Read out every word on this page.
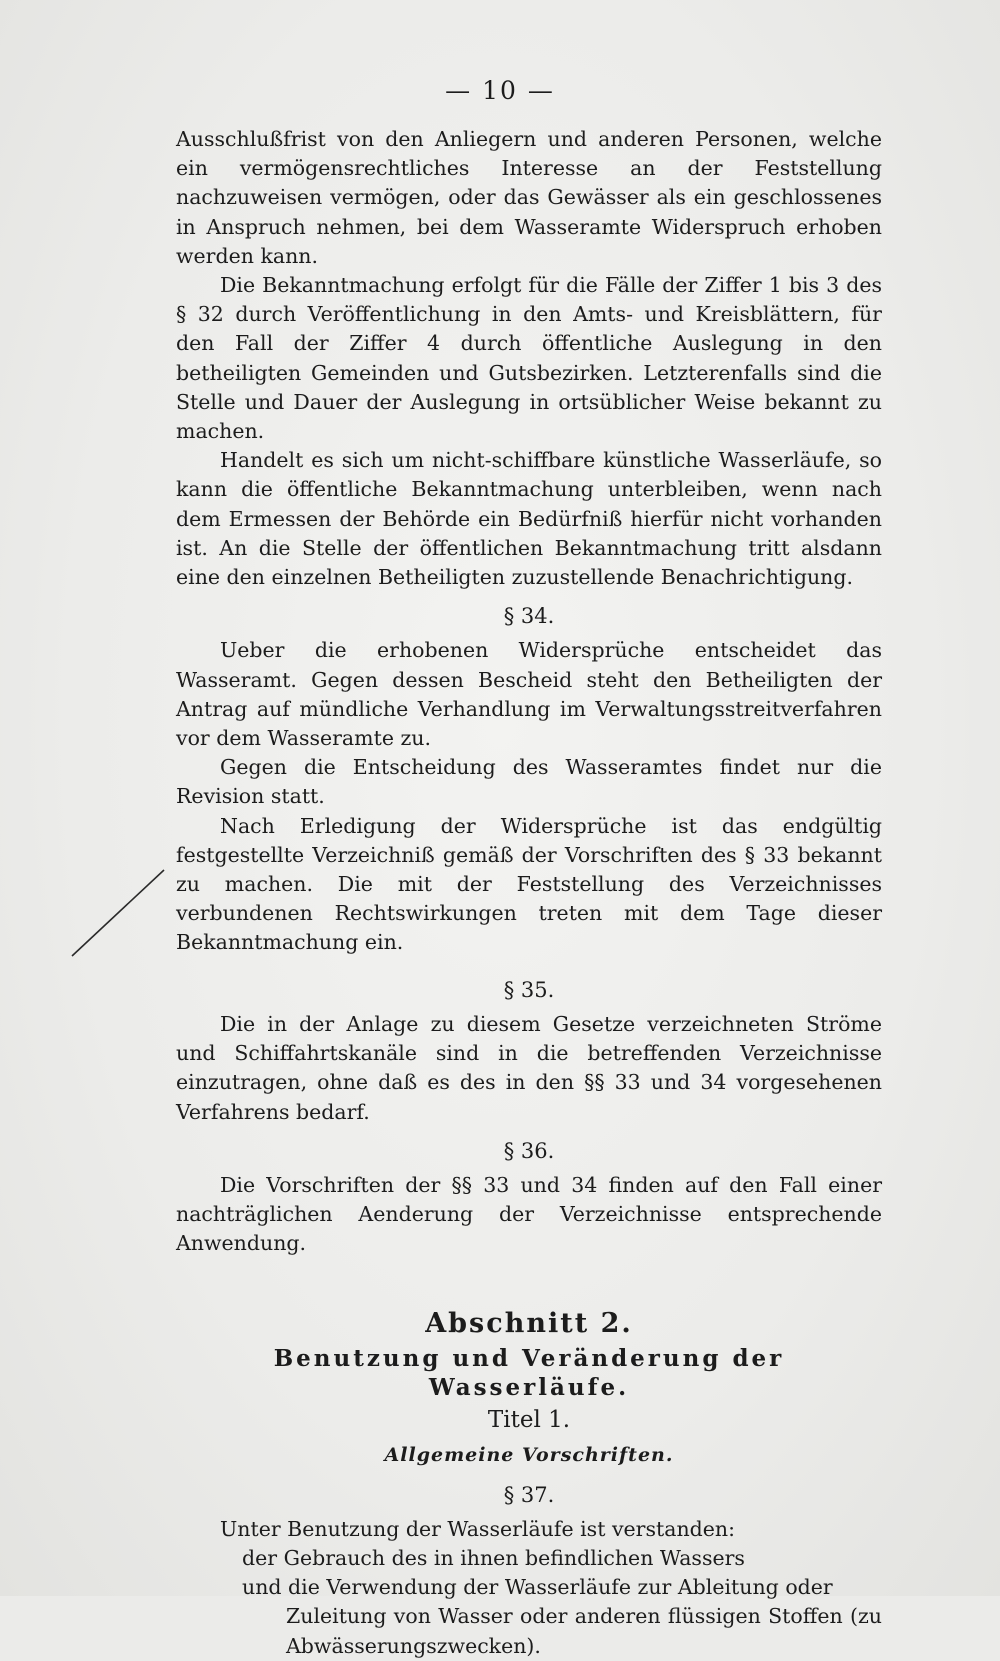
— 10 —

Ausschlußfrist von den Anliegern und anderen Personen, welche ein vermögensrechtliches Interesse an der Feststellung nachzuweisen vermögen, oder das Gewässer als ein geschlossenes in Anspruch nehmen, bei dem Wasseramte Widerspruch erhoben werden kann.

Die Bekanntmachung erfolgt für die Fälle der Ziffer 1 bis 3 des § 32 durch Veröffentlichung in den Amts- und Kreisblättern, für den Fall der Ziffer 4 durch öffentliche Auslegung in den betheiligten Gemeinden und Gutsbezirken. Letzterenfalls sind die Stelle und Dauer der Auslegung in ortsüblicher Weise bekannt zu machen.

Handelt es sich um nicht-schiffbare künstliche Wasserläufe, so kann die öffentliche Bekanntmachung unterbleiben, wenn nach dem Ermessen der Behörde ein Bedürfniß hierfür nicht vorhanden ist. An die Stelle der öffentlichen Bekanntmachung tritt alsdann eine den einzelnen Betheiligten zuzustellende Benachrichtigung.

§ 34.

Ueber die erhobenen Widersprüche entscheidet das Wasseramt. Gegen dessen Bescheid steht den Betheiligten der Antrag auf mündliche Verhandlung im Verwaltungsstreitverfahren vor dem Wasseramte zu.

Gegen die Entscheidung des Wasseramtes findet nur die Revision statt.

Nach Erledigung der Widersprüche ist das endgültig festgestellte Verzeichniß gemäß der Vorschriften des § 33 bekannt zu machen. Die mit der Feststellung des Verzeichnisses verbundenen Rechtswirkungen treten mit dem Tage dieser Bekanntmachung ein.

§ 35.

Die in der Anlage zu diesem Gesetze verzeichneten Ströme und Schiffahrtskanäle sind in die betreffenden Verzeichnisse einzutragen, ohne daß es des in den §§ 33 und 34 vorgesehenen Verfahrens bedarf.

§ 36.

Die Vorschriften der §§ 33 und 34 finden auf den Fall einer nachträglichen Aenderung der Verzeichnisse entsprechende Anwendung.

Abschnitt 2.
Benutzung und Veränderung der Wasserläufe.
Titel 1.
Allgemeine Vorschriften.
§ 37.

Unter Benutzung der Wasserläufe ist verstanden:

der Gebrauch des in ihnen befindlichen Wassers

und die Verwendung der Wasserläufe zur Ableitung oder

Zuleitung von Wasser oder anderen flüssigen Stoffen (zu Abwässerungszwecken).
